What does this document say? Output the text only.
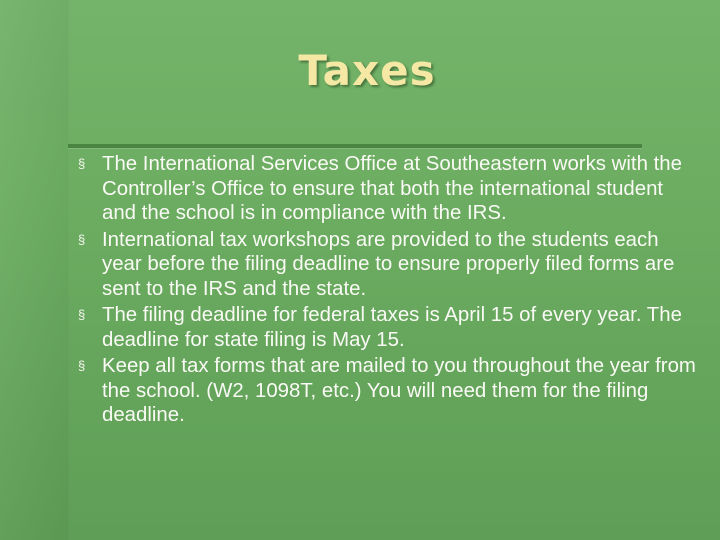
Taxes
§ The International Services Office at Southeastern works with the Controller’s Office to ensure that both the international student and the school is in compliance with the IRS.
§ International tax workshops are provided to the students each year before the filing deadline to ensure properly filed forms are sent to the IRS and the state.
§ The filing deadline for federal taxes is April 15 of every year. The deadline for state filing is May 15.
§ Keep all tax forms that are mailed to you throughout the year from the school. (W2, 1098T, etc.) You will need them for the filing deadline.
